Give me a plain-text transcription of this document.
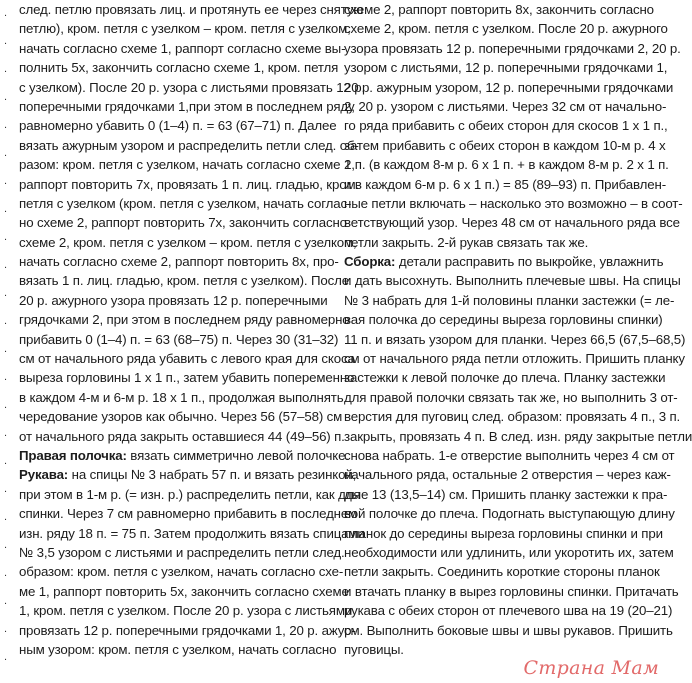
.
.
.
.
.
.
.
.
.
.
.
.
.
.
.
.
.
.
.
.
.
.
.
.
след. петлю провязать лиц. и протянуть ее через снятую
петлю), кром. петля с узелком – кром. петля с узелком,
начать согласно схеме 1, раппорт согласно схеме вы-
полнить 5х, закончить согласно схеме 1, кром. петля
с узелком). После 20 р. узора с листьями провязать 12 р.
поперечными грядочками 1,при этом в последнем ряду
равномерно убавить 0 (1–4) п. = 63 (67–71) п. Далее
вязать ажурным узором и распределить петли след. об-
разом: кром. петля с узелком, начать согласно схеме 2,
раппорт повторить 7х, провязать 1 п. лиц. гладью, кром.
петля с узелком (кром. петля с узелком, начать соглас-
но схеме 2, раппорт повторить 7х, закончить согласно
схеме 2, кром. петля с узелком – кром. петля с узелком,
начать согласно схеме 2, раппорт повторить 8х, про-
вязать 1 п. лиц. гладью, кром. петля с узелком). После
20 р. ажурного узора провязать 12 р. поперечными
грядочками 2, при этом в последнем ряду равномерно
прибавить 0 (1–4) п. = 63 (68–75) п. Через 30 (31–32)
см от начального ряда убавить с левого края для скоса
выреза горловины 1 х 1 п., затем убавить попеременно
в каждом 4-м и 6-м р. 18 х 1 п., продолжая выполнять
чередование узоров как обычно. Через 56 (57–58) см
от начального ряда закрыть оставшиеся 44 (49–56) п.
Правая полочка: вязать симметрично левой полочке.
Рукава: на спицы № 3 набрать 57 п. и вязать резинкой,
при этом в 1-м р. (= изн. р.) распределить петли, как для
спинки. Через 7 см равномерно прибавить в последнем
изн. ряду 18 п. = 75 п. Затем продолжить вязать спицами
№ 3,5 узором с листьями и распределить петли след.
образом: кром. петля с узелком, начать согласно схе-
ме 1, раппорт повторить 5х, закончить согласно схеме
1, кром. петля с узелком. После 20 р. узора с листьями
провязать 12 р. поперечными грядочками 1, 20 р. ажур-
ным узором: кром. петля с узелком, начать согласно
схеме 2, раппорт повторить 8х, закончить согласно
схеме 2, кром. петля с узелком. После 20 р. ажурного
узора провязать 12 р. поперечными грядочками 2, 20 р.
узором с листьями, 12 р. поперечными грядочками 1,
20 р. ажурным узором, 12 р. поперечными грядочками
2, 20 р. узором с листьями. Через 32 см от начально-
го ряда прибавить с обеих сторон для скосов 1 х 1 п.,
затем прибавить с обеих сторон в каждом 10-м р. 4 х
1 п. (в каждом 8-м р. 6 х 1 п. + в каждом 8-м р. 2 х 1 п.
и в каждом 6-м р. 6 х 1 п.) = 85 (89–93) п. Прибавлен-
ные петли включать – насколько это возможно – в соот-
ветствующий узор. Через 48 см от начального ряда все
петли закрыть. 2-й рукав связать так же.
Сборка: детали расправить по выкройке, увлажнить
и дать высохнуть. Выполнить плечевые швы. На спицы
№ 3 набрать для 1-й половины планки застежки (= ле-
вая полочка до середины выреза горловины спинки)
11 п. и вязать узором для планки. Через 66,5 (67,5–68,5)
см от начального ряда петли отложить. Пришить планку
застежки к левой полочке до плеча. Планку застежки
для правой полочки связать так же, но выполнить 3 от-
верстия для пуговиц след. образом: провязать 4 п., 3 п.
закрыть, провязать 4 п. В след. изн. ряду закрытые петли
снова набрать. 1-е отверстие выполнить через 4 см от
начального ряда, остальные 2 отверстия – через каж-
дые 13 (13,5–14) см. Пришить планку застежки к пра-
вой полочке до плеча. Подогнать выступающую длину
планок до середины выреза горловины спинки и при
необходимости или удлинить, или укоротить их, затем
петли закрыть. Соединить короткие стороны планок
и втачать планку в вырез горловины спинки. Притачать
рукава с обеих сторон от плечевого шва на 19 (20–21)
см. Выполнить боковые швы и швы рукавов. Пришить
пуговицы.
Страна Мам
